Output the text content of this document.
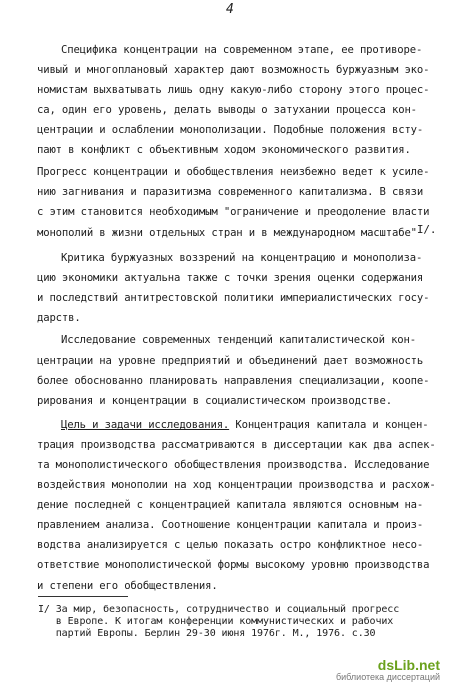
4
Специфика концентрации на современном этапе, ее противоре-
чивый и многоплановый характер дают возможность буржуазным эко-
номистам выхватывать лишь одну какую-либо сторону этого процес-
са, один его уровень, делать выводы о затухании процесса кон-
центрации и ослаблении монополизации. Подобные положения всту-
пают в конфликт с объективным ходом экономического развития.
Прогресс концентрации и обобществления неизбежно ведет к усиле-
нию загнивания и паразитизма современного капитализма. В связи
с этим становится необходимым "ограничение и преодоление власти
монополий в жизни отдельных стран и в международном масштабе"I/.
Критика буржуазных воззрений на концентрацию и монополиза-
цию экономики актуальна также с точки зрения оценки содержания
и последствий антитрестовской политики империалистических госу-
дарств.
Исследование современных тенденций капиталистической кон-
центрации на уровне предприятий и объединений дает возможность
более обоснованно планировать направления специализации, коопе-
рирования и концентрации в социалистическом производстве.
Цель и задачи исследования. Концентрация капитала и концен-
трация производства рассматриваются в диссертации как два аспек-
та монополистического обобществления производства. Исследование
воздействия монополии на ход концентрации производства и расхож-
дение последней с концентрацией капитала являются основным на-
правлением анализа. Соотношение концентрации капитала и произ-
водства анализируется с целью показать остро конфликтное несо-
ответствие монополистической формы высокому уровню производства
и степени его обобществления.
I/ За мир, безопасность, сотрудничество и социальный прогресс
в Европе. К итогам конференции коммунистических и рабочих
партий Европы. Берлин 29-30 июня 1976г. М., 1976. с.30
dsLib.net
библиотека диссертаций
